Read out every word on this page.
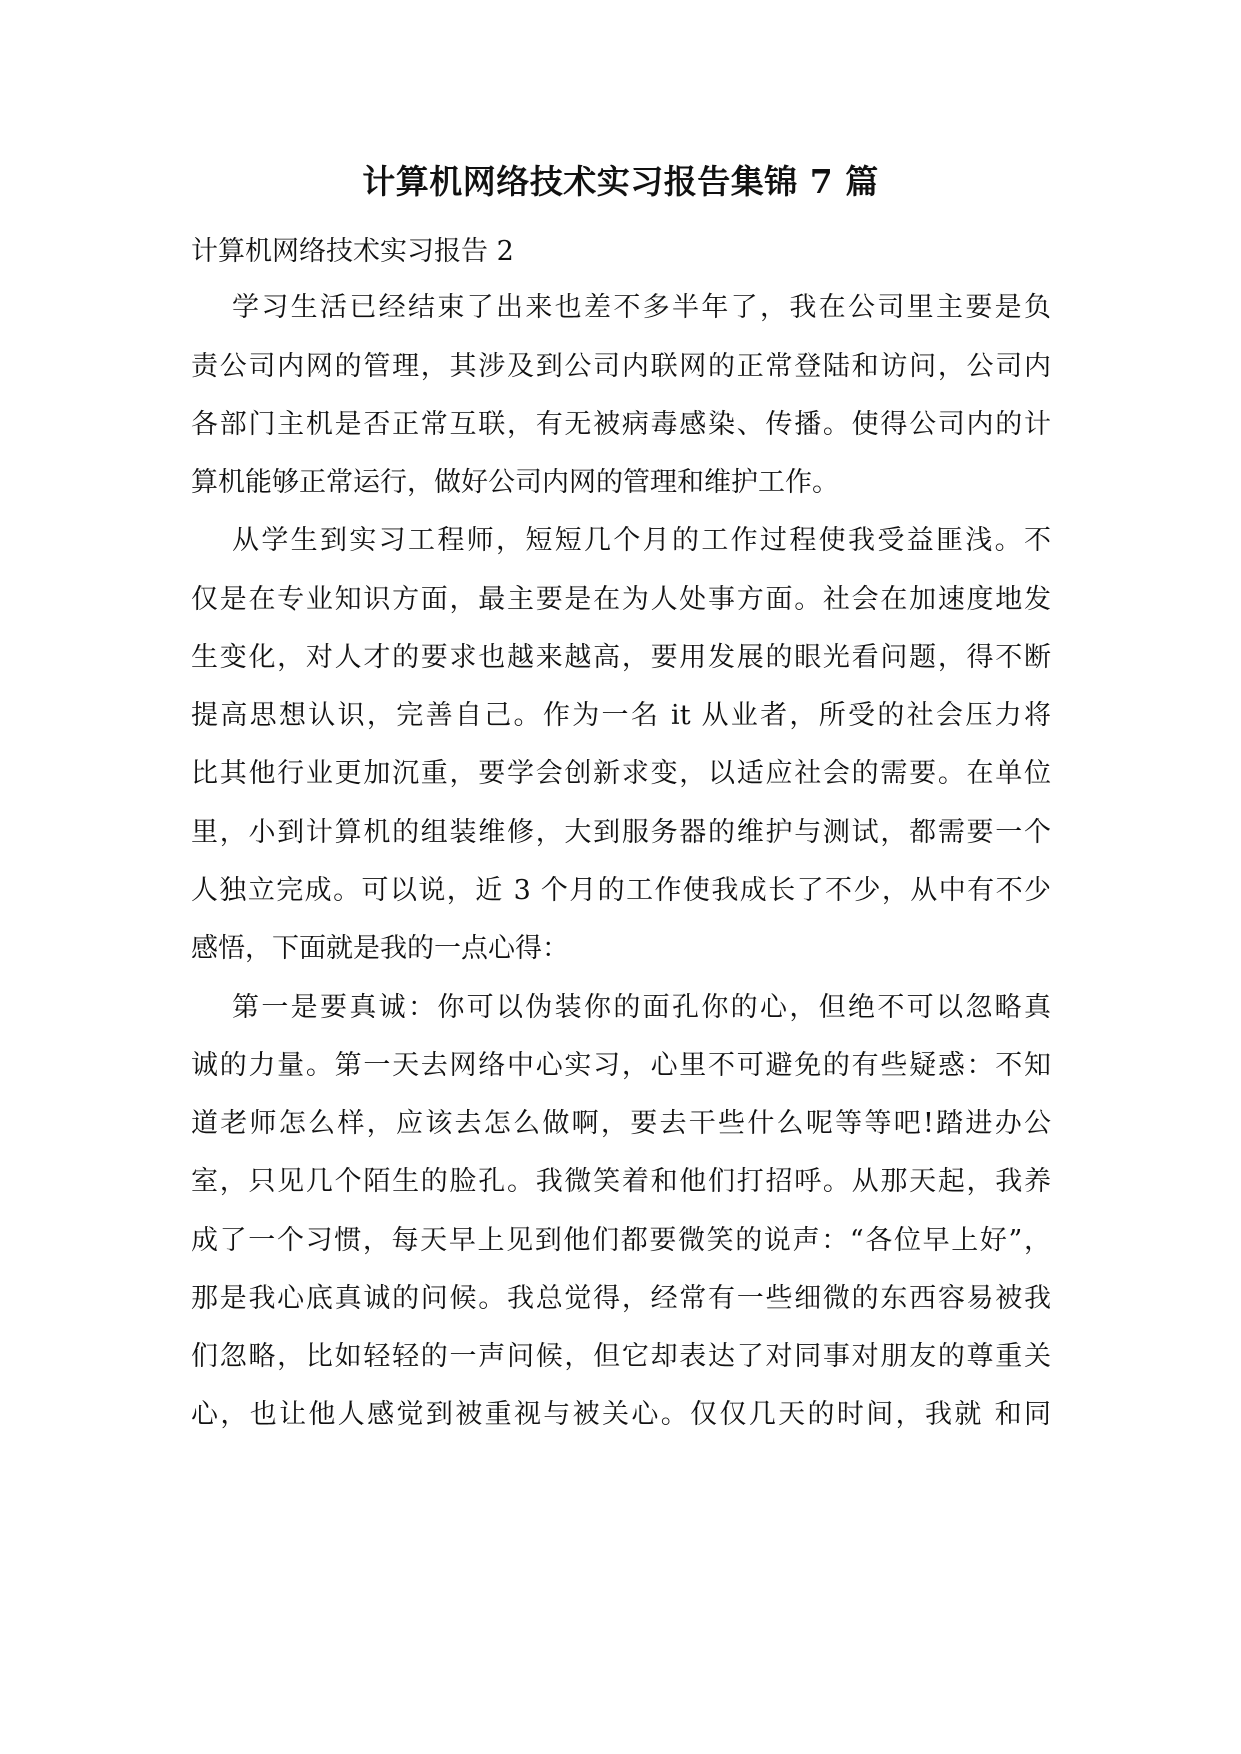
计算机网络技术实习报告集锦 7 篇

计算机网络技术实习报告 2

学习生活已经结束了出来也差不多半年了，我在公司里主要是负

责公司内网的管理，其涉及到公司内联网的正常登陆和访问，公司内

各部门主机是否正常互联，有无被病毒感染、传播。使得公司内的计

算机能够正常运行，做好公司内网的管理和维护工作。

从学生到实习工程师，短短几个月的工作过程使我受益匪浅。不

仅是在专业知识方面，最主要是在为人处事方面。社会在加速度地发

生变化，对人才的要求也越来越高，要用发展的眼光看问题，得不断

提高思想认识，完善自己。作为一名 it 从业者，所受的社会压力将

比其他行业更加沉重，要学会创新求变，以适应社会的需要。在单位

里，小到计算机的组装维修，大到服务器的维护与测试，都需要一个

人独立完成。可以说，近 3 个月的工作使我成长了不少，从中有不少

感悟，下面就是我的一点心得：

第一是要真诚：你可以伪装你的面孔你的心，但绝不可以忽略真

诚的力量。第一天去网络中心实习，心里不可避免的有些疑惑：不知

道老师怎么样，应该去怎么做啊，要去干些什么呢等等吧!踏进办公

室，只见几个陌生的脸孔。我微笑着和他们打招呼。从那天起，我养

成了一个习惯，每天早上见到他们都要微笑的说声：“各位早上好”，

那是我心底真诚的问候。我总觉得，经常有一些细微的东西容易被我

们忽略，比如轻轻的一声问候，但它却表达了对同事对朋友的尊重关

心，也让他人感觉到被重视与被关心。仅仅几天的时间，我就 和同
